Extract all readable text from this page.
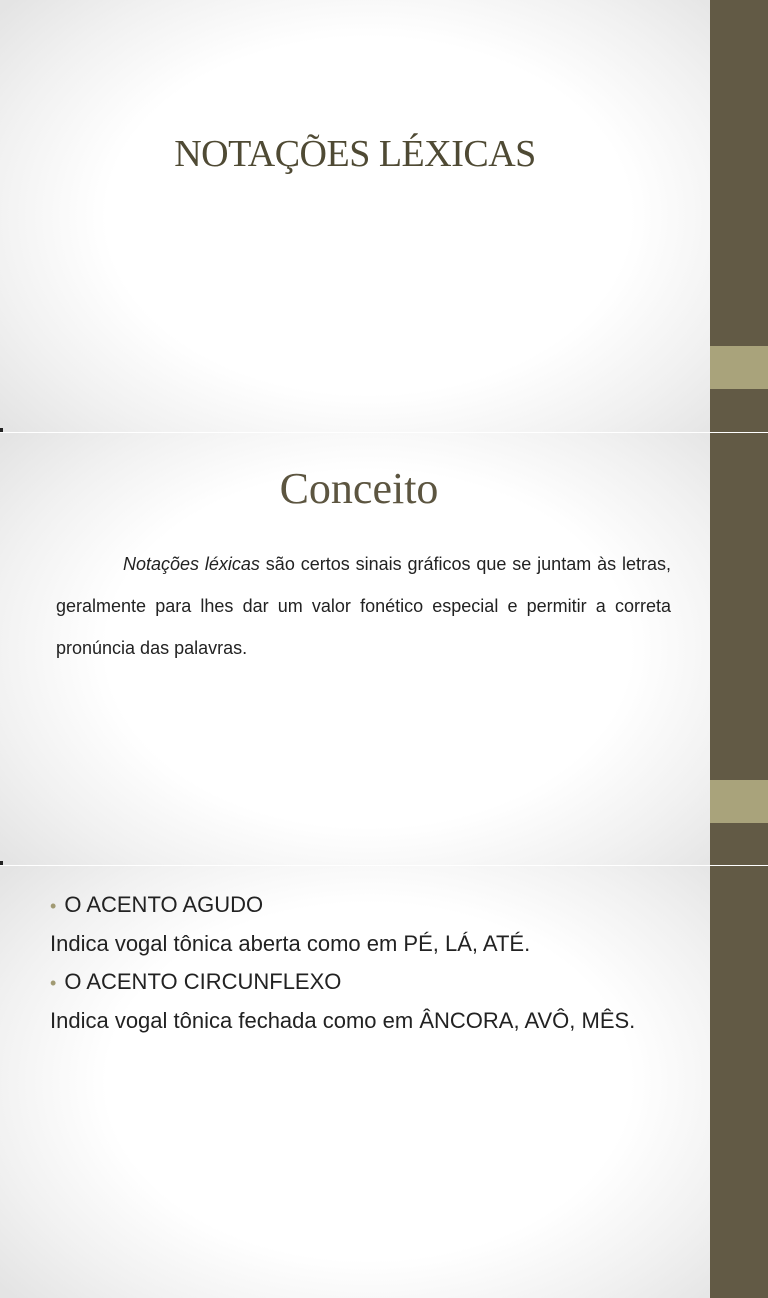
NOTAÇÕES LÉXICAS
Conceito
Notações léxicas são certos sinais gráficos que se juntam às letras, geralmente para lhes dar um valor fonético especial e permitir a correta pronúncia das palavras.
• O ACENTO AGUDO
Indica vogal tônica aberta como em PÉ, LÁ, ATÉ.
• O ACENTO CIRCUNFLEXO
Indica vogal tônica fechada como em ÂNCORA, AVÔ, MÊS.
